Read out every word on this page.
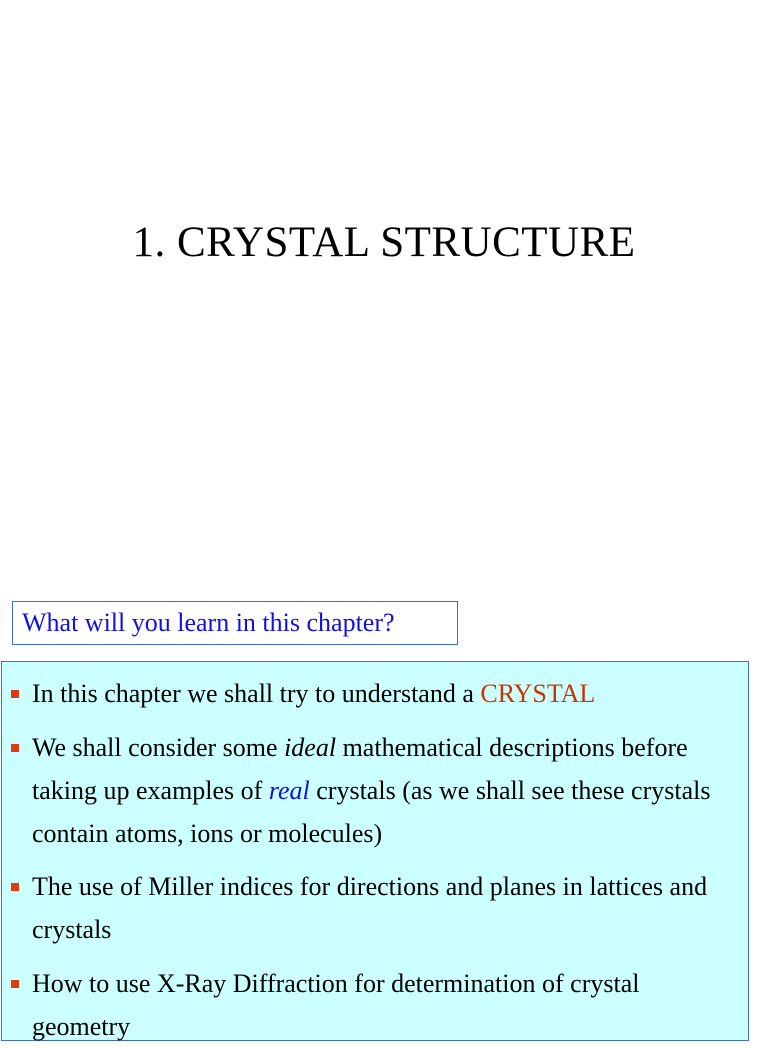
1. CRYSTAL STRUCTURE
What will you learn in this chapter?
In this chapter we shall try to understand a CRYSTAL
We shall consider some ideal mathematical descriptions before taking up examples of real crystals (as we shall see these crystals contain atoms, ions or molecules)
The use of Miller indices for directions and planes in lattices and crystals
How to use X-Ray Diffraction for determination of crystal geometry
